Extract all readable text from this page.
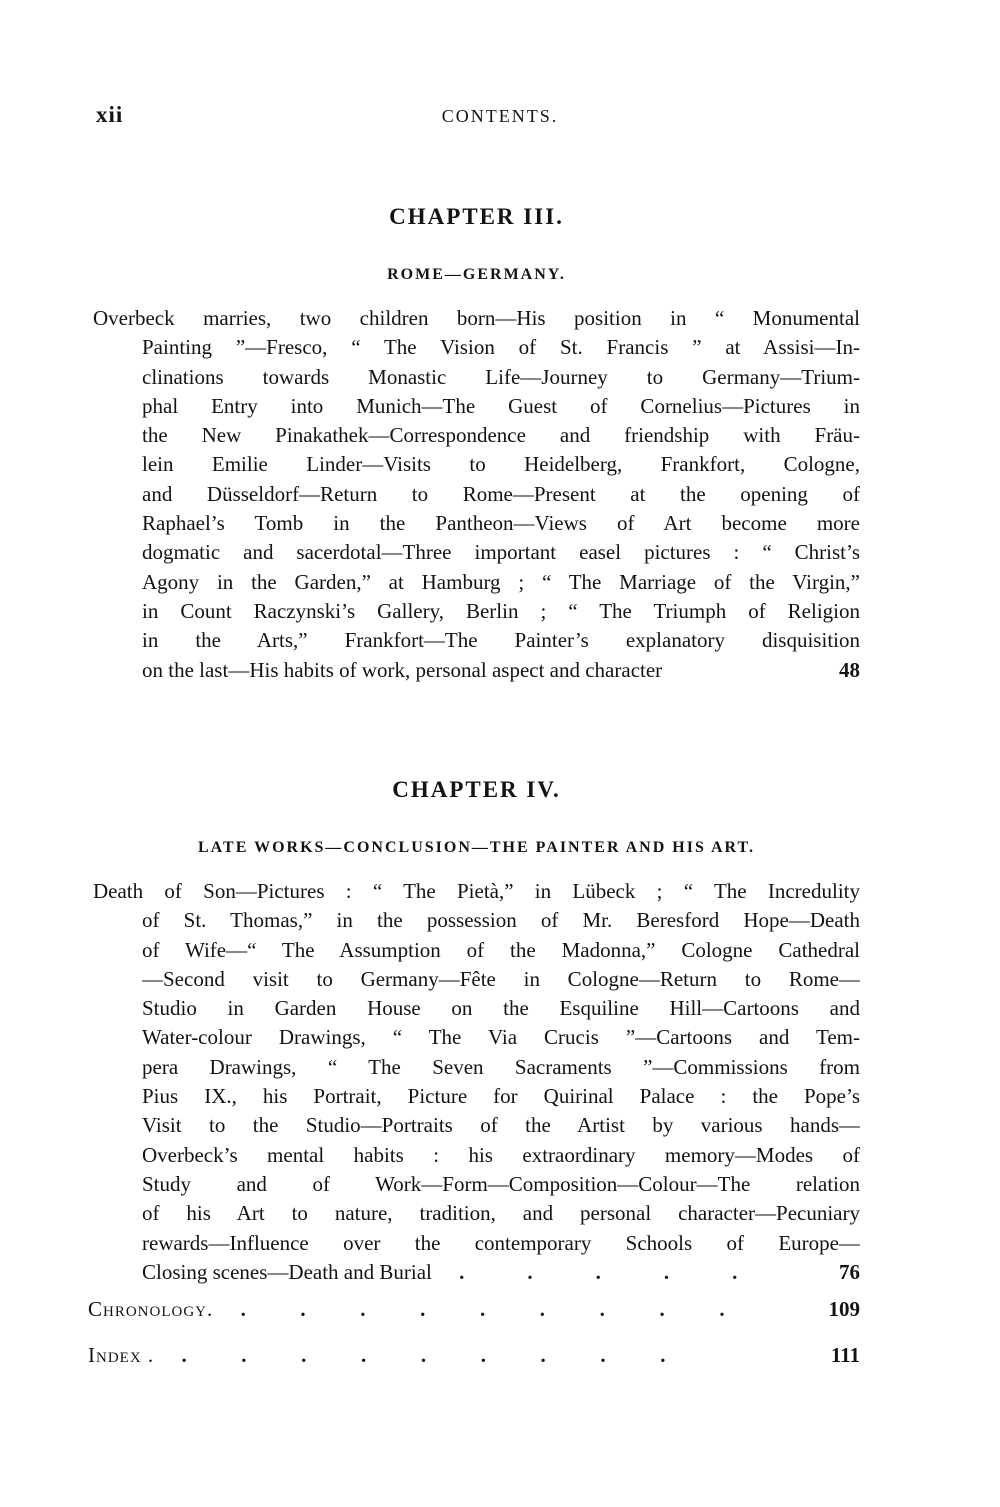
xii	CONTENTS.
CHAPTER III.
ROME—GERMANY.
Overbeck marries, two children born—His position in “ Monumental
Painting ”—Fresco, “ The Vision of St. Francis ” at Assisi—In-
clinations towards Monastic Life—Journey to Germany—Trium-
phal Entry into Munich—The Guest of Cornelius—Pictures in
the New Pinakathek—Correspondence and friendship with Fräu-
lein Emilie Linder—Visits to Heidelberg, Frankfort, Cologne,
and Düsseldorf—Return to Rome—Present at the opening of
Raphael’s Tomb in the Pantheon—Views of Art become more
dogmatic and sacerdotal—Three important easel pictures : “ Christ’s
Agony in the Garden,” at Hamburg ; “ The Marriage of the Virgin,”
in Count Raczynski’s Gallery, Berlin ; “ The Triumph of Religion
in the Arts,” Frankfort—The Painter’s explanatory disquisition
on the last—His habits of work, personal aspect and character	48
CHAPTER IV.
LATE WORKS—CONCLUSION—THE PAINTER AND HIS ART.
Death of Son—Pictures : “ The Pietà,” in Lübeck ; “ The Incredulity
of St. Thomas,” in the possession of Mr. Beresford Hope—Death
of Wife—“ The Assumption of the Madonna,” Cologne Cathedral
—Second visit to Germany—Fête in Cologne—Return to Rome—
Studio in Garden House on the Esquiline Hill—Cartoons and
Water-colour Drawings, “ The Via Crucis ”—Cartoons and Tem-
pera Drawings, “ The Seven Sacraments ”—Commissions from
Pius IX., his Portrait, Picture for Quirinal Palace : the Pope’s
Visit to the Studio—Portraits of the Artist by various hands—
Overbeck’s mental habits : his extraordinary memory—Modes of
Study and of Work—Form—Composition—Colour—The relation
of his Art to nature, tradition, and personal character—Pecuniary
rewards—Influence over the contemporary Schools of Europe—
Closing scenes—Death and Burial	.....	76
Chronology.	.........	109
Index .	.........	111
